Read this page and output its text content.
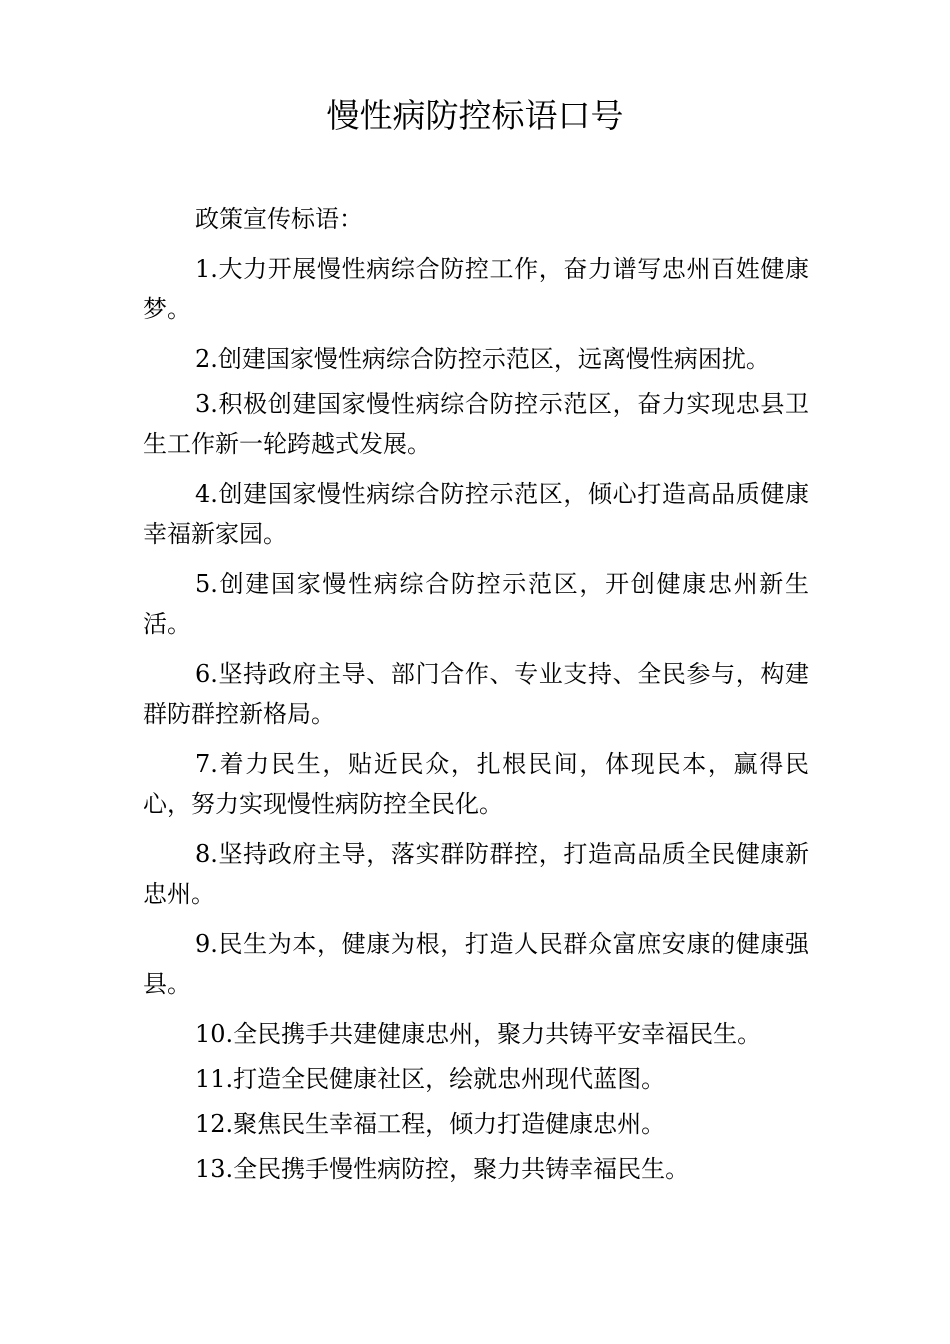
慢性病防控标语口号

政策宣传标语：

1.大力开展慢性病综合防控工作，奋力谱写忠州百姓健康梦。

2.创建国家慢性病综合防控示范区，远离慢性病困扰。

3.积极创建国家慢性病综合防控示范区，奋力实现忠县卫生工作新一轮跨越式发展。

4.创建国家慢性病综合防控示范区，倾心打造高品质健康幸福新家园。

5.创建国家慢性病综合防控示范区，开创健康忠州新生活。

6.坚持政府主导、部门合作、专业支持、全民参与，构建群防群控新格局。

7.着力民生，贴近民众，扎根民间，体现民本，赢得民心，努力实现慢性病防控全民化。

8.坚持政府主导，落实群防群控，打造高品质全民健康新忠州。

9.民生为本，健康为根，打造人民群众富庶安康的健康强县。

10.全民携手共建健康忠州，聚力共铸平安幸福民生。

11.打造全民健康社区，绘就忠州现代蓝图。

12.聚焦民生幸福工程，倾力打造健康忠州。

13.全民携手慢性病防控，聚力共铸幸福民生。
